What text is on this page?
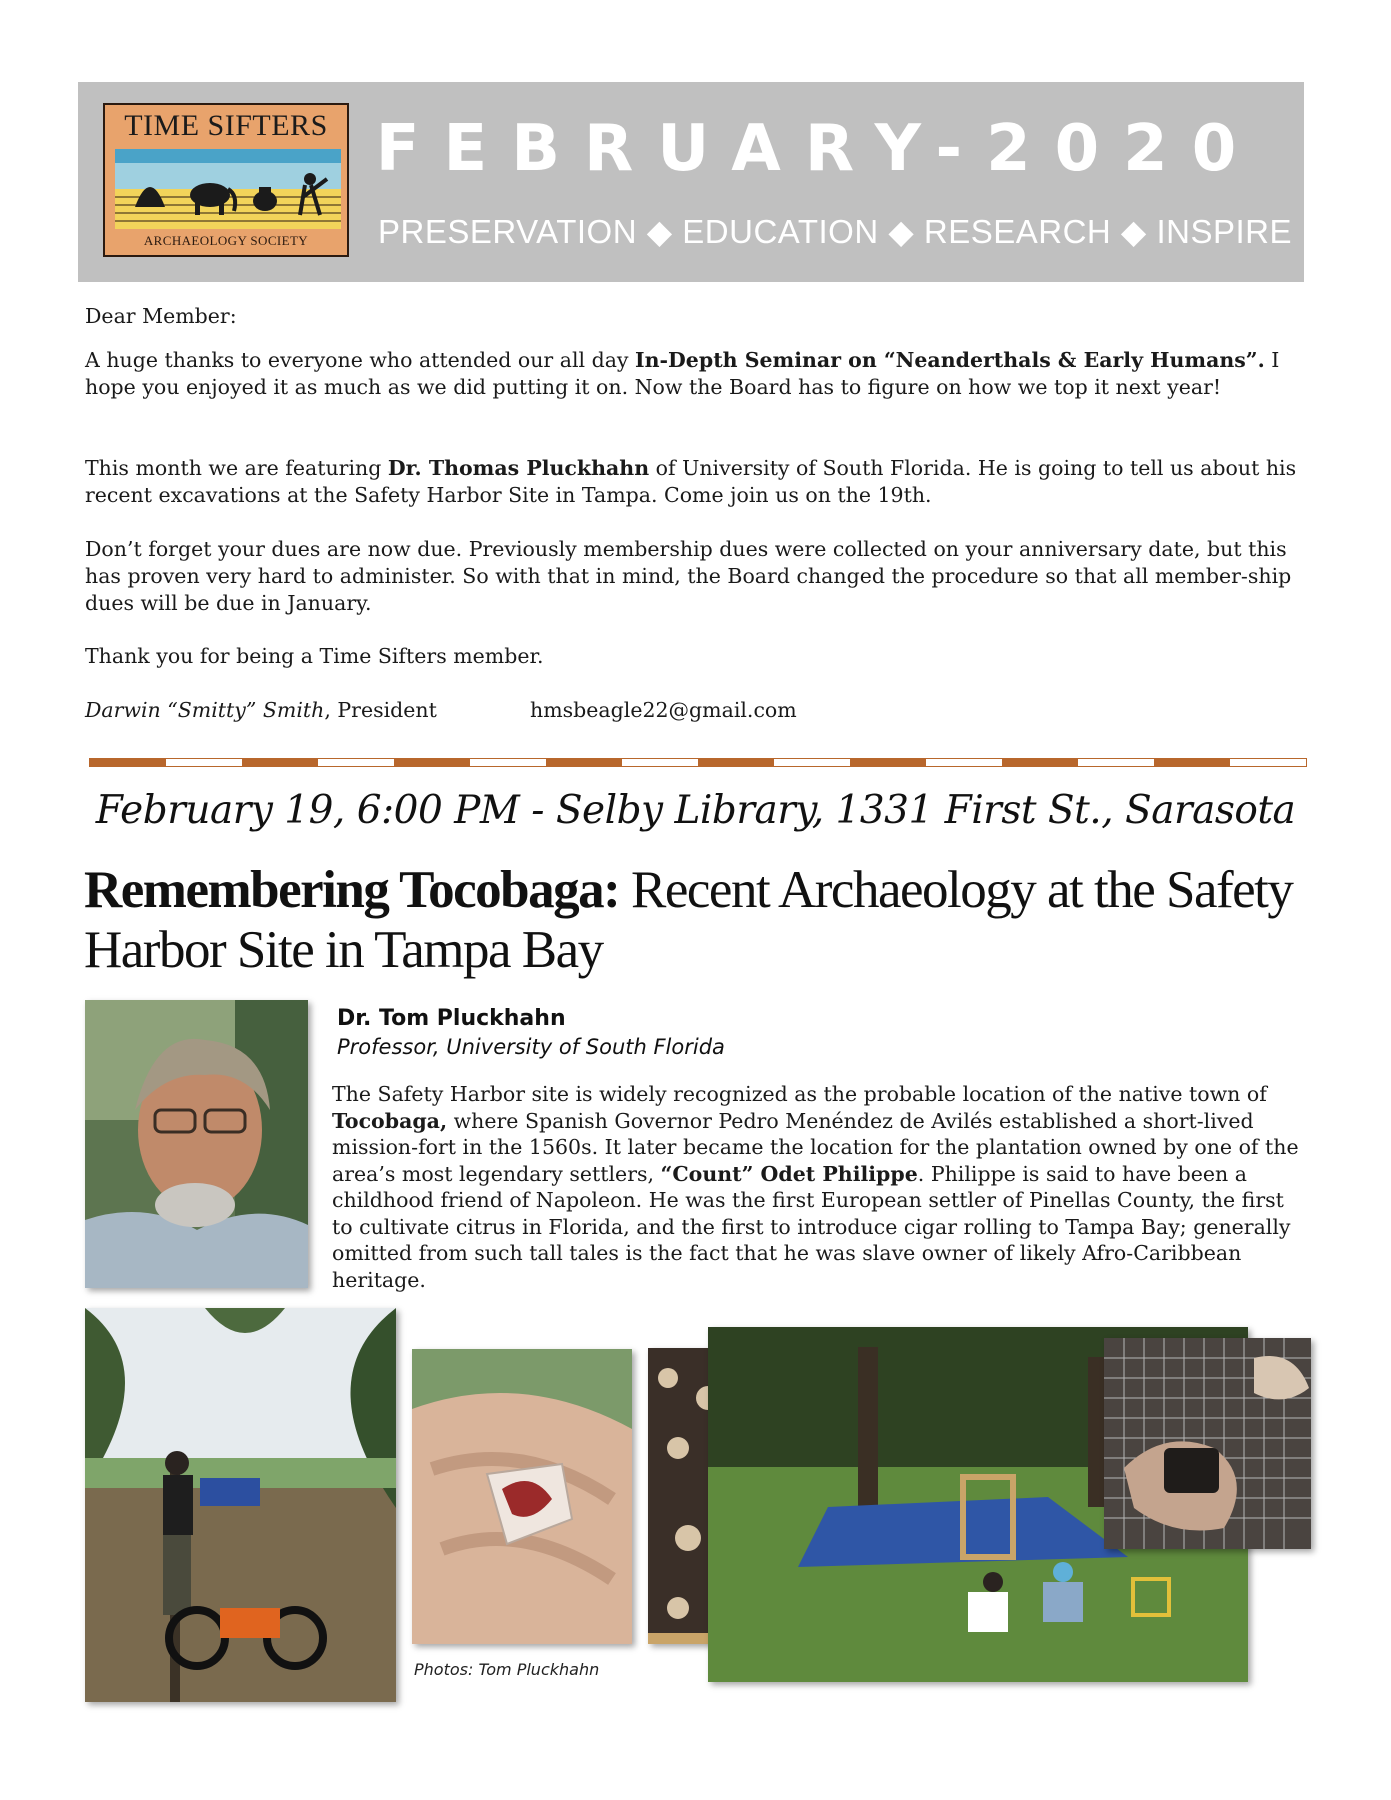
TIME SIFTERS
ARCHAEOLOGY SOCIETY
FEBRUARY-2020
PRESERVATION ◆ EDUCATION ◆ RESEARCH ◆ INSPIRE

Dear Member:

A huge thanks to everyone who attended our all day In-Depth Seminar on “Neanderthals & Early Humans”. I hope you enjoyed it as much as we did putting it on. Now the Board has to figure on how we top it next year!

This month we are featuring Dr. Thomas Pluckhahn of University of South Florida. He is going to tell us about his recent excavations at the Safety Harbor Site in Tampa. Come join us on the 19th.

Don’t forget your dues are now due. Previously membership dues were collected on your anniversary date, but this has proven very hard to administer. So with that in mind, the Board changed the procedure so that all member-ship dues will be due in January.

Thank you for being a Time Sifters member.

Darwin “Smitty” Smith, President	hmsbeagle22@gmail.com

February 19, 6:00 PM - Selby Library, 1331 First St., Sarasota
Remembering Tocobaga: Recent Archaeology at the Safety Harbor Site in Tampa Bay
Dr. Tom Pluckhahn
Professor, University of South Florida

The Safety Harbor site is widely recognized as the probable location of the native town of Tocobaga, where Spanish Governor Pedro Menéndez de Avilés established a short-lived mission-fort in the 1560s. It later became the location for the plantation owned by one of the area’s most legendary settlers, “Count” Odet Philippe. Philippe is said to have been a childhood friend of Napoleon. He was the first European settler of Pinellas County, the first to cultivate citrus in Florida, and the first to introduce cigar rolling to Tampa Bay; generally omitted from such tall tales is the fact that he was slave owner of likely Afro-Caribbean heritage.

Photos: Tom Pluckhahn
